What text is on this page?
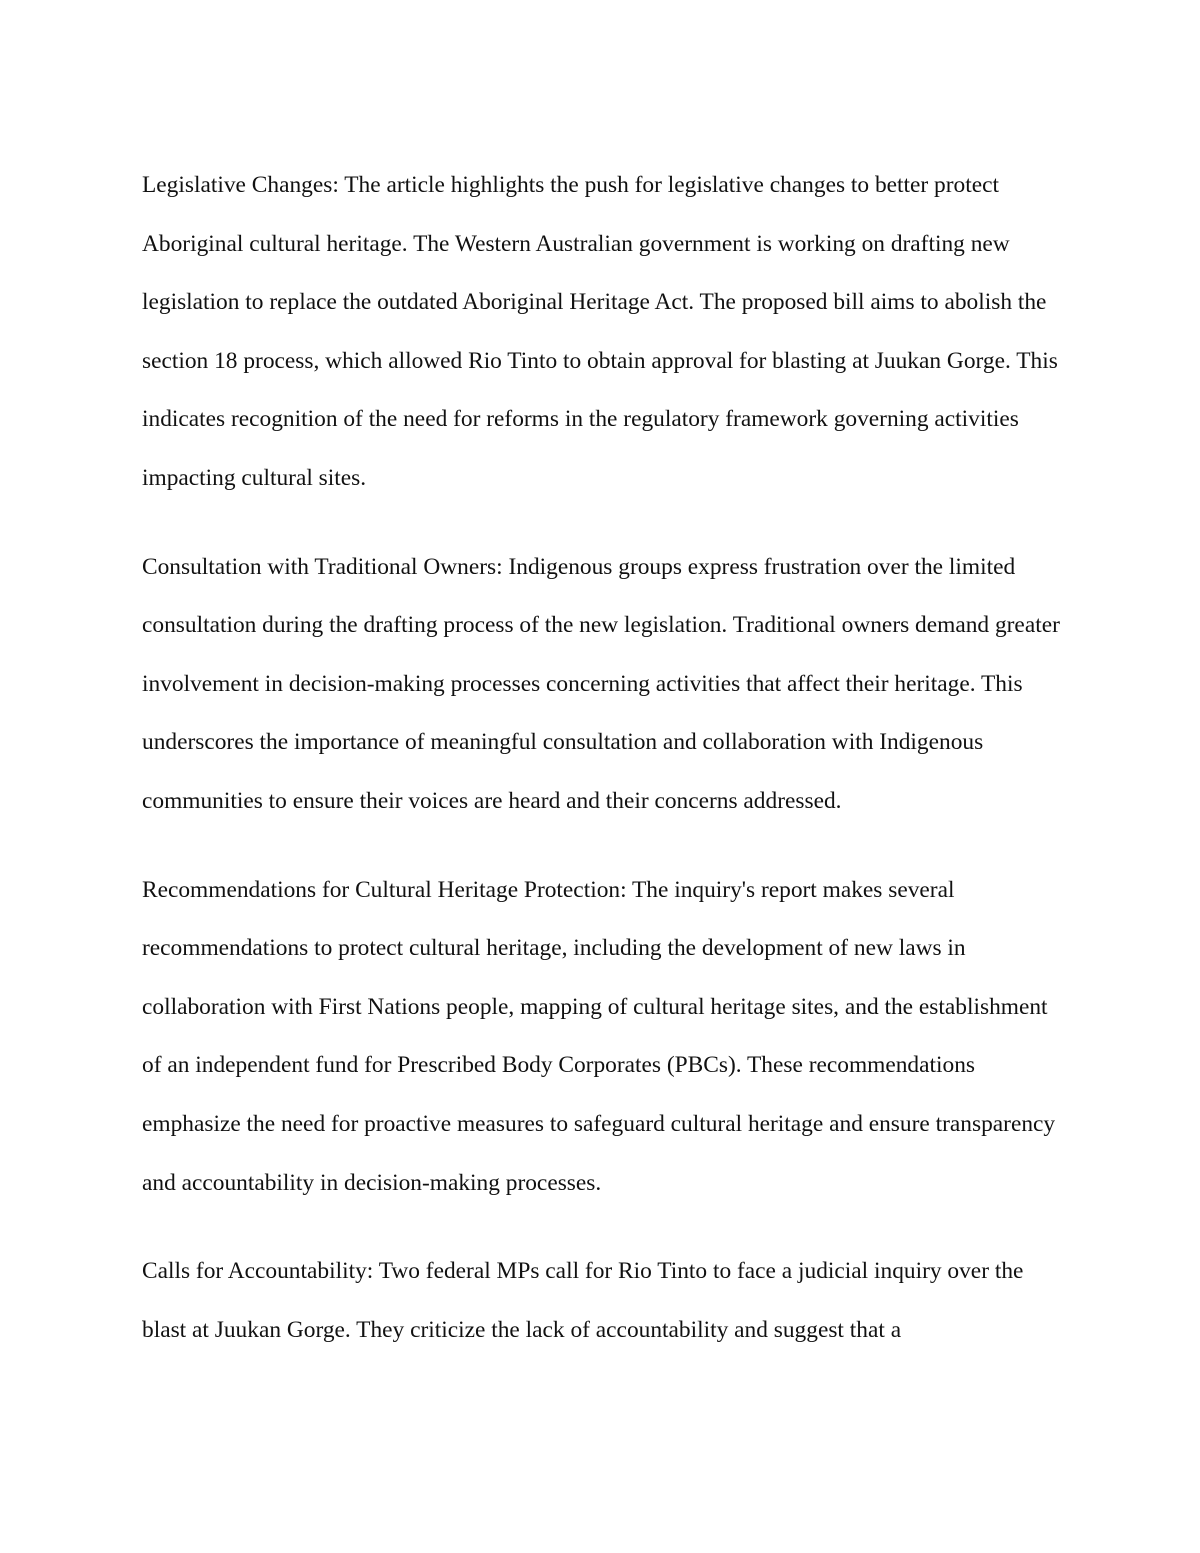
Legislative Changes: The article highlights the push for legislative changes to better protect Aboriginal cultural heritage. The Western Australian government is working on drafting new legislation to replace the outdated Aboriginal Heritage Act. The proposed bill aims to abolish the section 18 process, which allowed Rio Tinto to obtain approval for blasting at Juukan Gorge. This indicates recognition of the need for reforms in the regulatory framework governing activities impacting cultural sites.

Consultation with Traditional Owners: Indigenous groups express frustration over the limited consultation during the drafting process of the new legislation. Traditional owners demand greater involvement in decision-making processes concerning activities that affect their heritage. This underscores the importance of meaningful consultation and collaboration with Indigenous communities to ensure their voices are heard and their concerns addressed.

Recommendations for Cultural Heritage Protection: The inquiry's report makes several recommendations to protect cultural heritage, including the development of new laws in collaboration with First Nations people, mapping of cultural heritage sites, and the establishment of an independent fund for Prescribed Body Corporates (PBCs). These recommendations emphasize the need for proactive measures to safeguard cultural heritage and ensure transparency and accountability in decision-making processes.

Calls for Accountability: Two federal MPs call for Rio Tinto to face a judicial inquiry over the blast at Juukan Gorge. They criticize the lack of accountability and suggest that a
